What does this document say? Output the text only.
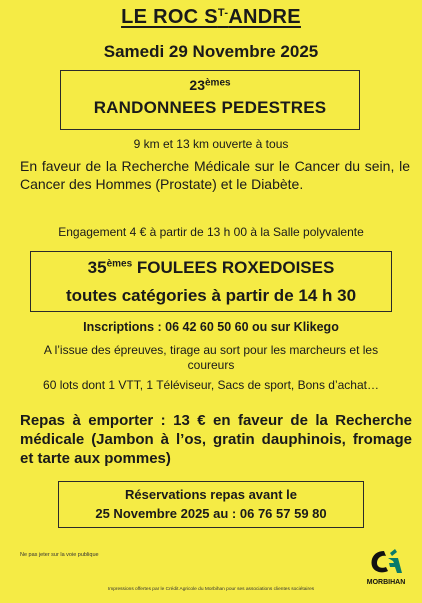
LE ROC $S^{T-}ANDRE$
Samedi 29 Novembre 2025
23èmes
RANDONNEES PEDESTRES
9 km et 13 km ouverte à tous
En faveur de la Recherche Médicale sur le Cancer du sein, le Cancer des Hommes (Prostate) et le Diabète.
Engagement 4 € à partir de 13 h 00 à la Salle polyvalente
35èmes FOULEES ROXEDOISES
toutes catégories à partir de 14 h 30
Inscriptions : 06 42 60 50 60 ou sur Klikego
A l’issue des épreuves, tirage au sort pour les marcheurs et les coureurs
60 lots dont 1 VTT, 1 Téléviseur, Sacs de sport, Bons d’achat…
Repas à emporter : 13 € en faveur de la Recherche médicale (Jambon à l’os, gratin dauphinois, fromage et tarte aux pommes)
Réservations repas avant le
25 Novembre 2025 au : 06 76 57 59 80
Ne pas jeter sur la voie publique
MORBIHAN
Impressions offertes par le Crédit Agricole du Morbihan pour ses associations clientes sociétaires
